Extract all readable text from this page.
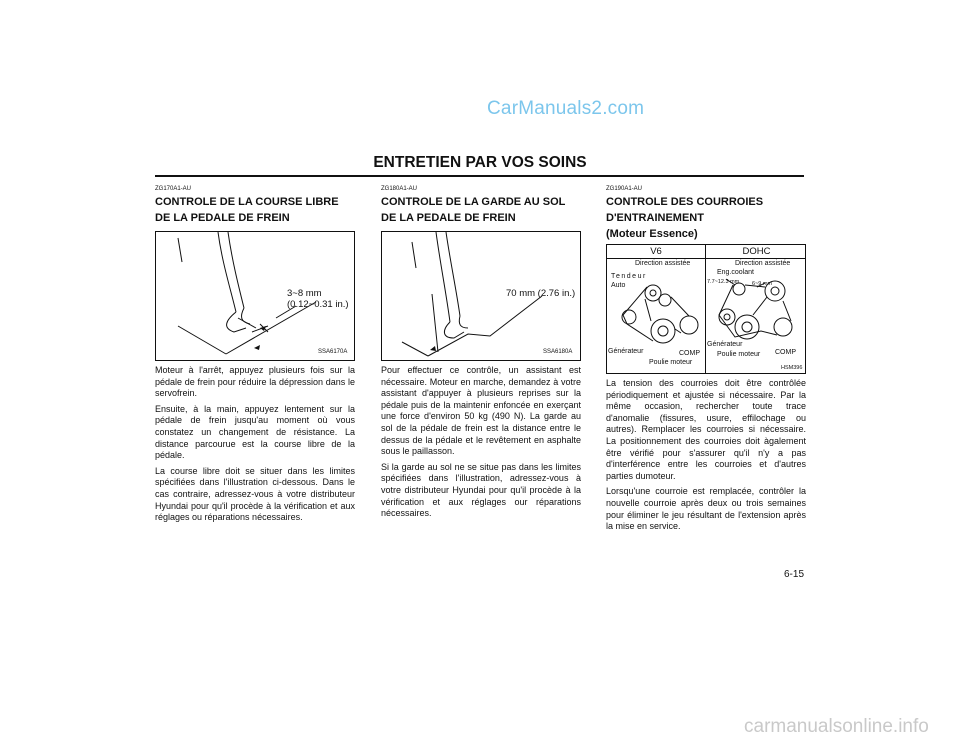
CarManuals2.com
ENTRETIEN PAR VOS SOINS
ZG170A1-AU
CONTROLE DE LA COURSE LIBRE DE LA PEDALE DE FREIN
3~8 mm
(0.12~0.31 in.)
SSA6170A

Moteur à l'arrêt, appuyez plusieurs fois sur la pédale de frein pour réduire la dépression dans le servofrein.

Ensuite, à la main, appuyez lentement sur la pédale de frein jusqu'au moment où vous constatez un changement de résistance. La distance parcourue est la course libre de la pédale.

La course libre doit se situer dans les limites spécifiées dans l'illustration ci-dessous. Dans le cas contraire, adressez-vous à votre distributeur Hyundai pour qu'il procède à la vérification et aux réglages ou réparations nécessaires.

ZG180A1-AU
CONTROLE DE LA GARDE AU SOL DE LA PEDALE DE FREIN
70 mm (2.76 in.)
SSA6180A

Pour effectuer ce contrôle, un assistant est nécessaire. Moteur en marche, demandez à votre assistant d'appuyer à plusieurs reprises sur la pédale puis de la maintenir enfoncée en exerçant une force d'environ 50 kg (490 N). La garde au sol de la pédale de frein est la distance entre le dessus de la pédale et le revêtement en asphalte sous le paillasson.

Si la garde au sol ne se situe pas dans les limites spécifiées dans l'illustration, adressez-vous à votre distributeur Hyundai pour qu'il procède à la vérification et aux réglages our réparations nécessaires.

ZG190A1-AU
CONTROLE DES COURROIES D'ENTRAINEMENT
(Moteur Essence)
V6	DOHC
Direction assistée
Tendeur
Auto
Générateur	COMP
Poulie moteur
Direction assistée
Eng.coolant
7.7~12.3 mm 6~9 mm
Générateur
Poulie moteur COMP
HSM396

La tension des courroies doit être contrôlée périodiquement et ajustée si nécessaire. Par la même occasion, rechercher toute trace d'anomalie (fissures, usure, effilochage ou autres). Remplacer les courroies si nécessaire. La positionnement des courroies doit àgalement être vérifié pour s'assurer qu'il n'y a pas d'interférence entre les courroies et d'autres parties dumoteur.

Lorsqu'une courroie est remplacée, contrôler la nouvelle courroie après deux ou trois semaines pour éliminer le jeu résultant de l'extension après la mise en service.

6-15
carmanualsonline.info
